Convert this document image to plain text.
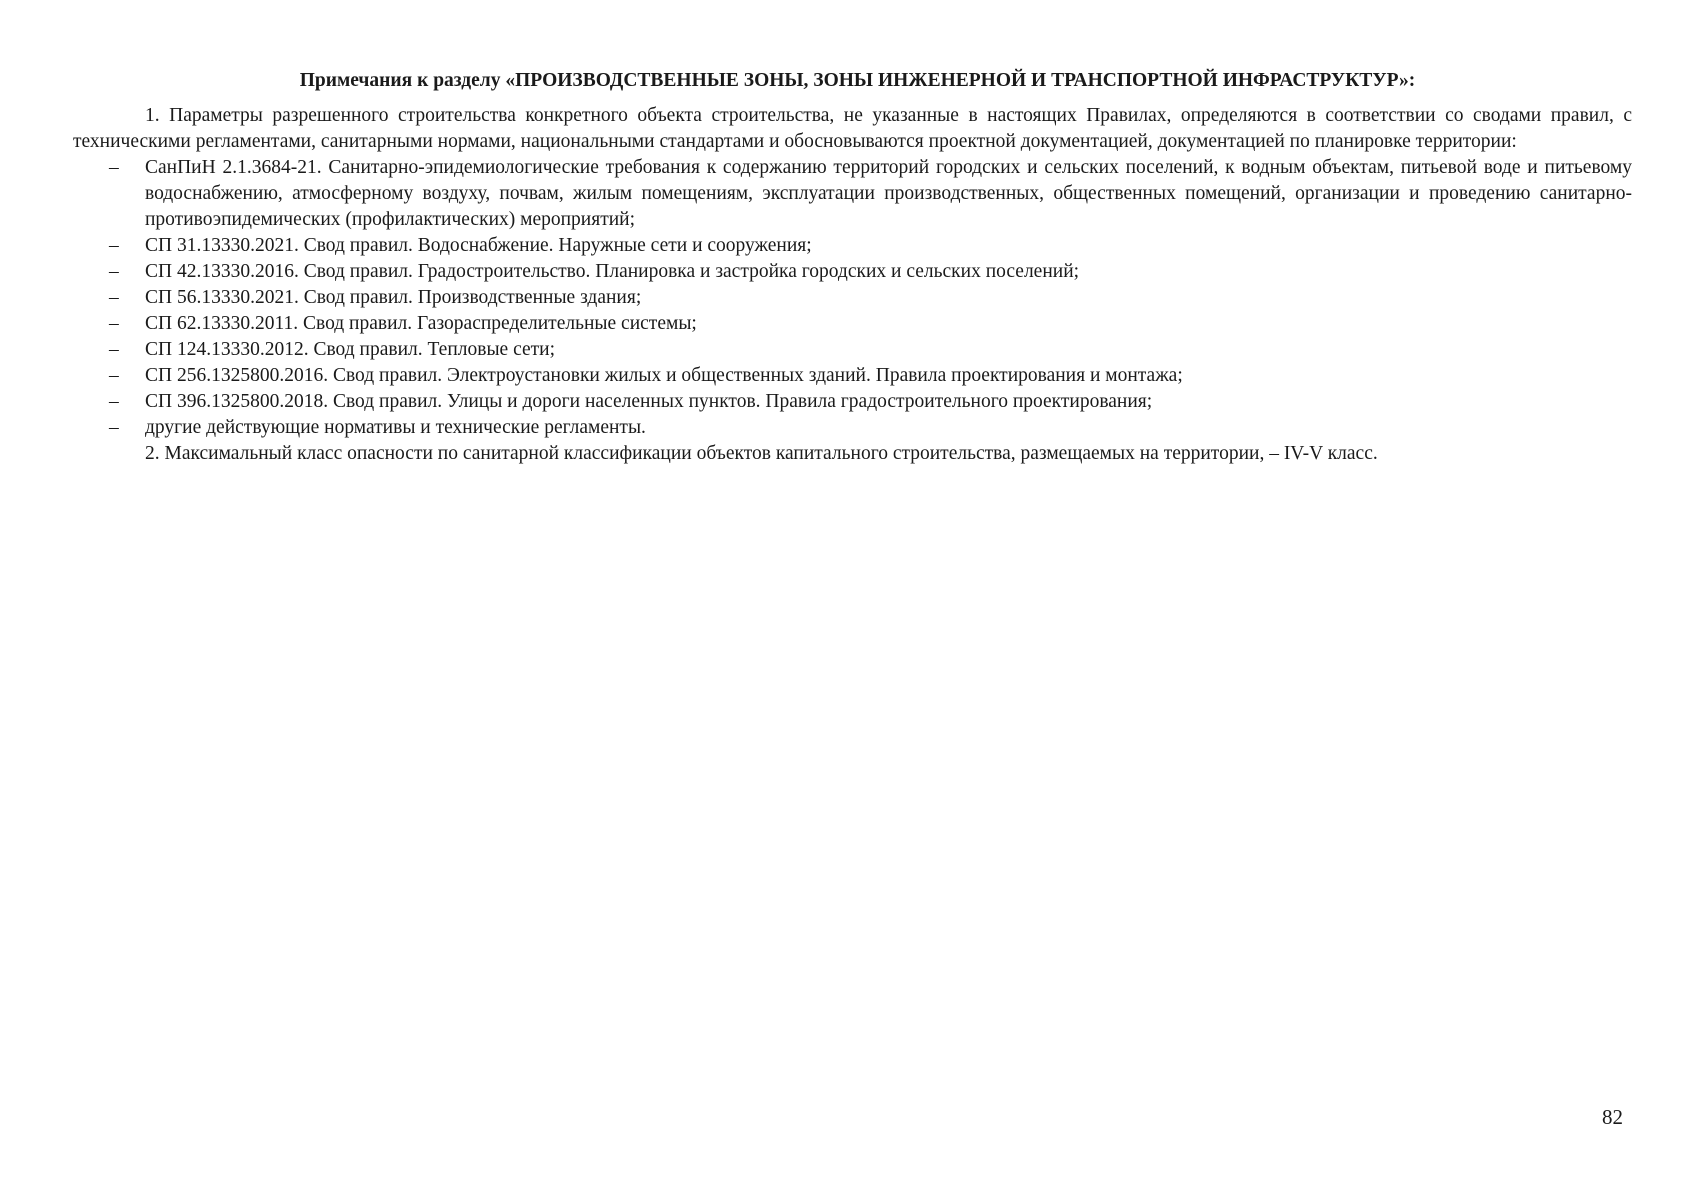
Примечания к разделу «ПРОИЗВОДСТВЕННЫЕ ЗОНЫ, ЗОНЫ ИНЖЕНЕРНОЙ И ТРАНСПОРТНОЙ ИНФРАСТРУКТУР»:

1. Параметры разрешенного строительства конкретного объекта строительства, не указанные в настоящих Правилах, определяются в соответствии со сводами правил, с техническими регламентами, санитарными нормами, национальными стандартами и обосновываются проектной документацией, документацией по планировке территории:

– СанПиН 2.1.3684-21. Санитарно-эпидемиологические требования к содержанию территорий городских и сельских поселений, к водным объектам, питьевой воде и питьевому водоснабжению, атмосферному воздуху, почвам, жилым помещениям, эксплуатации производственных, общественных помещений, организации и проведению санитарно-противоэпидемических (профилактических) мероприятий;
– СП 31.13330.2021. Свод правил. Водоснабжение. Наружные сети и сооружения;
– СП 42.13330.2016. Свод правил. Градостроительство. Планировка и застройка городских и сельских поселений;
– СП 56.13330.2021. Свод правил. Производственные здания;
– СП 62.13330.2011. Свод правил. Газораспределительные системы;
– СП 124.13330.2012. Свод правил. Тепловые сети;
– СП 256.1325800.2016. Свод правил. Электроустановки жилых и общественных зданий. Правила проектирования и монтажа;
– СП 396.1325800.2018. Свод правил. Улицы и дороги населенных пунктов. Правила градостроительного проектирования;
– другие действующие нормативы и технические регламенты.

2. Максимальный класс опасности по санитарной классификации объектов капитального строительства, размещаемых на территории, – IV-V класс.

82
